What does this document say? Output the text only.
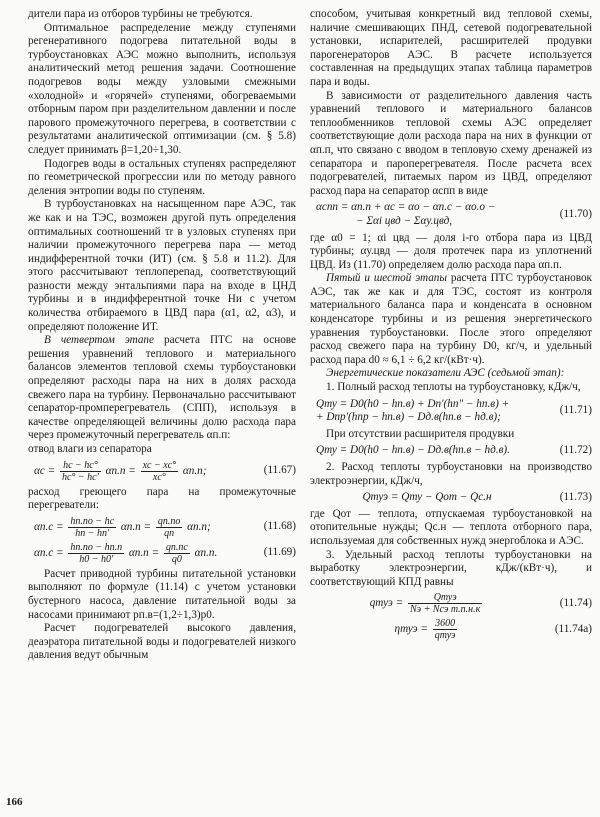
дители пара из отборов турбины не требуются.

Оптимальное распределение между ступенями регенеративного подогрева питательной воды в турбоустановках АЭС можно выполнить, используя аналитический метод решения задачи. Соотношение подогревов воды между узловыми смежными «холодной» и «горячей» ступенями, обогреваемыми отборным паром при разделительном давлении и после парового промежуточного перегрева, в соответствии с результатами аналитической оптимизации (см. § 5.8) следует принимать β=1,20÷1,30.

Подогрев воды в остальных ступенях распределяют по геометрической прогрессии или по методу равного деления энтропии воды по ступеням.

В турбоустановках на насыщенном паре АЭС, так же как и на ТЭС, возможен другой путь определения оптимальных соотношений τr в узловых ступенях при наличии промежуточного перегрева пара — метод индифферентной точки (ИТ) (см. § 5.8 и 11.2). Для этого рассчитывают теплоперепад, соответствующий разности между энтальпиями пара на входе в ЦНД турбины и в индифферентной точке Hи с учетом количества отбираемого в ЦВД пара (α1, α2, α3), и определяют положение ИТ.

В четвертом этапе расчета ПТС на основе решения уравнений теплового и материального балансов элементов тепловой схемы турбоустановки определяют расходы пара на них в долях расхода свежего пара на турбину. Первоначально рассчитывают сепаратор-промперегреватель (СПП), используя в качестве определяющей величины долю расхода пара через промежуточный перегреватель αп.п:

отвод влаги из сепаратора

$\alpha с = \frac{hс - hс^\circ}{hс^\circ - hс'} \alpha п.п = \frac{xс - xс^\circ}{xс^\circ} \alpha п.п$;	(11.67)

расход греющего пара на промежуточные перегреватели:

$\alpha п.с = \frac{hп.по - hс}{hп - hп'} \alpha п.п = \frac{qп.по}{qп} \alpha п.п$;	(11.68)
$\alpha п.с = \frac{hп.по - hп.п}{h0 - h0'} \alpha п.п = \frac{qп.пс}{q0} \alpha п.п$.	(11.69)

Расчет приводной турбины питательной установки выполняют по формуле (11.14) с учетом установки бустерного насоса, давление питательной воды за насосами принимают pп.в=(1,2÷1,3)p0.

Расчет подогревателей высокого давления, деаэратора питательной воды и подогревателей низкого давления ведут обычным

способом, учитывая конкретный вид тепловой схемы, наличие смешивающих ПНД, сетевой подогревательной установки, испарителей, расширителей продувки парогенераторов АЭС. В расчете используется составленная на предыдущих этапах таблица параметров пара и воды.

В зависимости от разделительного давления часть уравнений теплового и материального балансов теплообменников тепловой схемы АЭС определяет соответствующие доли расхода пара на них в функции от αп.п, что связано с вводом в тепловую схему дренажей из сепаратора и пароперегревателя. После расчета всех подогревателей, питаемых паром из ЦВД, определяют расход пара на сепаратор αспп в виде

αспп = αп.п + αс = αо − αп.с − αо.о −
− Σαi цвд − Σαу.цвд,
(11.70)

где α0 = 1; αi цвд — доля i-го отбора пара из ЦВД турбины; αу.цвд — доля протечек пара из уплотнений ЦВД. Из (11.70) определяем долю расхода пара αп.п.

Пятый и шестой этапы расчета ПТС турбоустановок АЭС, так же как и для ТЭС, состоят из контроля материального баланса пара и конденсата в основном конденсаторе турбины и из решения энергетического уравнения турбоустановки. После этого определяют расход свежего пара на турбину D0, кг/ч, и удельный расход пара d0 ≈ 6,1 ÷ 6,2 кг/(кВт·ч).

Энергетические показатели АЭС (седьмой этап):

1. Полный расход теплоты на турбоустановку, кДж/ч,

Qту = D0(h0 − hп.в) + Dп′(hп″ − hп.в) +
+ Dпр′(hпр − hп.в) − Dд.в(hп.в − hд.в);
(11.71)

При отсутствии расширителя продувки

Qту = D0(h0 − hп.в) − Dд.в(hп.в − hд.в).	(11.72)

2. Расход теплоты турбоустановки на производство электроэнергии, кДж/ч,

Qтуэ = Qту − Qот − Qс.н	(11.73)

где Qот — теплота, отпускаемая турбоустановкой на отопительные нужды; Qс.н — теплота отборного пара, используемая для собственных нужд энергоблока и АЭС.

3. Удельный расход теплоты турбоустановки на выработку электроэнергии, кДж/(кВт·ч), и соответствующий КПД равны

qтуэ = $\frac{\text{Qтуэ}}{\text{Nэ + Nсэ т.п.н.к}}$	(11.74)
$\eta туэ = \frac{3600}{\text{qтуэ}}$	(11.74а)
166
